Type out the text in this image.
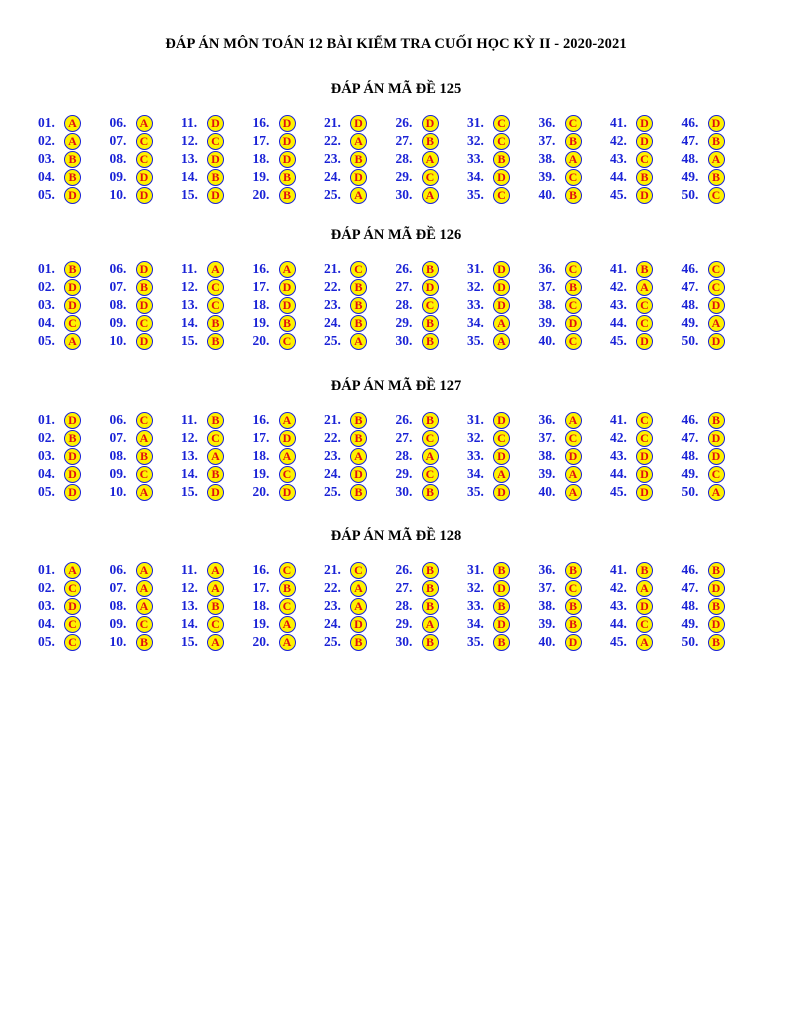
ĐÁP ÁN MÔN TOÁN 12 BÀI KIỂM TRA CUỐI HỌC KỲ II - 2020-2021
ĐÁP ÁN MÃ ĐỀ 125
01.	A
02.	A
03.	B
04.	B
05.	D
06.	A
07.	C
08.	C
09.	D
10.	D
11.	D
12.	C
13.	D
14.	B
15.	D
16.	D
17.	D
18.	D
19.	B
20.	B
21.	D
22.	A
23.	B
24.	D
25.	A
26.	D
27.	B
28.	A
29.	C
30.	A
31.	C
32.	C
33.	B
34.	D
35.	C
36.	C
37.	B
38.	A
39.	C
40.	B
41.	D
42.	D
43.	C
44.	B
45.	D
46.	D
47.	B
48.	A
49.	B
50.	C
ĐÁP ÁN MÃ ĐỀ 126
01.	B
02.	D
03.	D
04.	C
05.	A
06.	D
07.	B
08.	D
09.	C
10.	D
11.	A
12.	C
13.	C
14.	B
15.	B
16.	A
17.	D
18.	D
19.	B
20.	C
21.	C
22.	B
23.	B
24.	B
25.	A
26.	B
27.	D
28.	C
29.	B
30.	B
31.	D
32.	D
33.	D
34.	A
35.	A
36.	C
37.	B
38.	C
39.	D
40.	C
41.	B
42.	A
43.	C
44.	C
45.	D
46.	C
47.	C
48.	D
49.	A
50.	D
ĐÁP ÁN MÃ ĐỀ 127
01.	D
02.	B
03.	D
04.	D
05.	D
06.	C
07.	A
08.	B
09.	C
10.	A
11.	B
12.	C
13.	A
14.	B
15.	D
16.	A
17.	D
18.	A
19.	C
20.	D
21.	B
22.	B
23.	A
24.	D
25.	B
26.	B
27.	C
28.	A
29.	C
30.	B
31.	D
32.	C
33.	D
34.	A
35.	D
36.	A
37.	C
38.	D
39.	A
40.	A
41.	C
42.	C
43.	D
44.	D
45.	D
46.	B
47.	D
48.	D
49.	C
50.	A
ĐÁP ÁN MÃ ĐỀ 128
01.	A
02.	C
03.	D
04.	C
05.	C
06.	A
07.	A
08.	A
09.	C
10.	B
11.	A
12.	A
13.	B
14.	C
15.	A
16.	C
17.	B
18.	C
19.	A
20.	A
21.	C
22.	A
23.	A
24.	D
25.	B
26.	B
27.	B
28.	B
29.	A
30.	B
31.	B
32.	D
33.	B
34.	D
35.	B
36.	B
37.	C
38.	B
39.	B
40.	D
41.	B
42.	A
43.	D
44.	C
45.	A
46.	B
47.	D
48.	B
49.	D
50.	B
